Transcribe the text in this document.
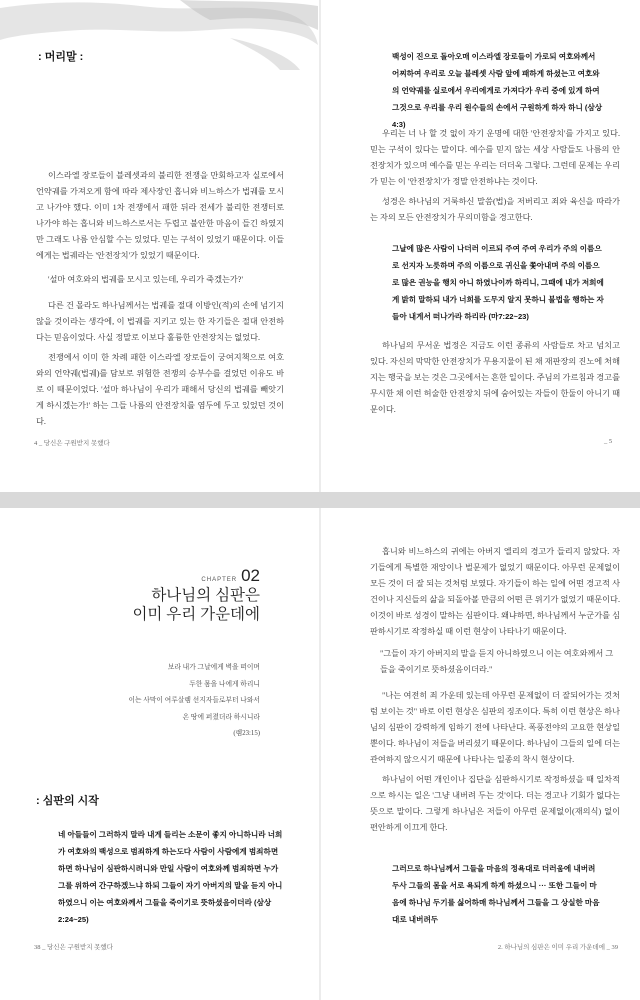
: 머리말 :

이스라엘 장로들이 블레셋과의 불리한 전쟁을 만회하고자 실로에서 언약궤를 가져오게 함에 따라 제사장인 홉니와 비느하스가 법궤를 모시고 나가야 했다. 이미 1차 전쟁에서 패한 뒤라 전세가 불리한 전쟁터로 나가야 하는 홉니와 비느하스로서는 두렵고 불안한 마음이 들긴 하였지만 그래도 나름 안심할 수는 있었다. 믿는 구석이 있었기 때문이다. 이들에게는 법궤라는 '안전장치'가 있었기 때문이다.

'설마 여호와의 법궤를 모시고 있는데, 우리가 죽겠는가?'

다른 건 몰라도 하나님께서는 법궤를 절대 이방인(적)의 손에 넘기지 않을 것이라는 생각에, 이 법궤를 지키고 있는 한 자기들은 절대 안전하다는 믿음이었다. 사실 정말로 이보다 훌륭한 안전장치는 없었다.

전쟁에서 이미 한 차례 패한 이스라엘 장로들이 궁여지책으로 여호와의 언약궤(법궤)를 담보로 위험한 전쟁의 승부수를 걸었던 이유도 바로 이 때문이었다. '설마 하나님이 우리가 패해서 당신의 법궤를 빼앗기게 하시겠는가!' 하는 그들 나름의 안전장치를 염두에 두고 있었던 것이다.

4 _ 당신은 구원받지 못했다

백성이 진으로 돌아오매 이스라엘 장로들이 가로되 여호와께서 어찌하여 우리로 오늘 블레셋 사람 앞에 패하게 하셨는고 여호와의 언약궤를 실로에서 우리에게로 가져다가 우리 중에 있게 하여 그것으로 우리를 우리 원수들의 손에서 구원하게 하자 하니 (삼상4:3)

우리는 너 나 할 것 없이 자기 운명에 대한 '안전장치'를 가지고 있다. 믿는 구석이 있다는 말이다. 예수를 믿지 않는 세상 사람들도 나름의 안전장치가 있으며 예수를 믿는 우리는 더더욱 그렇다. 그런데 문제는 우리가 믿는 이 '안전장치'가 정말 안전하냐는 것이다.

성경은 하나님의 거룩하신 말씀(법)을 저버리고 죄와 육신을 따라가는 자의 모든 안전장치가 무의미함을 경고한다.

그날에 많은 사람이 나더러 이르되 주여 주여 우리가 주의 이름으로 선지자 노릇하며 주의 이름으로 귀신을 쫓아내며 주의 이름으로 많은 권능을 행치 아니 하였나이까 하리니, 그때에 내가 저희에게 밝히 말하되 내가 너희를 도무지 알지 못하니 불법을 행하는 자들아 내게서 떠나가라 하리라 (마7:22~23)

하나님의 무서운 법정은 지금도 이런 종류의 사람들로 차고 넘치고 있다. 자신의 막막한 안전장치가 무용지물이 된 채 재판장의 진노에 처해지는 행국을 보는 것은 그곳에서는 흔한 일이다. 주님의 가르침과 경고를 무시한 채 이런 허술한 안전장치 뒤에 숨어있는 자들이 한둘이 아니기 때문이다.

_ 5
CHAPTER 02
하나님의 심판은
이미 우리 가운데에
보라 내가 그날에게 벽을 떠이며
두한 몸을 나에게 하리니
이는 사막이 여루살렘 선지자들로부터 나와서
온 땅에 퍼졌더라 하시니라
(렘23:15)
: 심판의 시작

네 아들들이 그러하지 말라 내게 들리는 소문이 좋지 아니하니라 너희가 여호와의 백성으로 범죄하게 하는도다 사람이 사람에게 범죄하면 하면 하나님이 심판하시려니와 만일 사람이 여호와께 범죄하면 누가 그를 위하여 간구하겠느냐 하되 그들이 자기 아버지의 말을 듣지 아니하였으니 이는 여호와께서 그들을 죽이기로 뜻하셨음이더라 (삼상 2:24~25)

38 _ 당신은 구원받지 못했다

홉니와 비느하스의 귀에는 아버지 엘리의 경고가 들리지 않았다. 자기들에게 특별한 재앙이나 벌문제가 없었기 때문이다. 아무런 문제없이 모든 것이 더 잘 되는 것처럼 보였다. 자기들이 하는 일에 어떤 경고적 사건이나 지신들의 삶을 되돌아볼 만큼의 어떤 큰 위기가 없었기 때문이다. 이것이 바로 성경이 말하는 심판이다. 왜냐하면, 하나님께서 누군가를 심판하시기로 작정하실 때 이런 현상이 나타나기 때문이다.

"그들이 자기 아버지의 말을 듣지 아니하였으니 이는 여호와께서 그들을 죽이기로 뜻하셨음이더라."

"나는 여전히 죄 가운데 있는데 아무런 문제없이 더 잘되어가는 것처럼 보이는 것" 바로 이런 현상은 심판의 징조이다. 특히 이런 현상은 하나님의 심판이 강력하게 임하기 전에 나타난다. 폭풍전야의 고요한 현상일 뿐이다. 하나님이 저들을 버리셨기 때문이다. 하나님이 그들의 일에 더는 관여하지 않으시기 때문에 나타나는 일종의 착시 현상이다.

하나님이 어떤 개인이나 집단을 심판하시기로 작정하셨을 때 일차적으로 하시는 일은 '그냥 내버려 두는 것'이다. 더는 경고나 기회가 없다는 뜻으로 말이다. 그렇게 하나님은 저들이 아무런 문제없이(재의식) 없이 편안하게 이끄게 한다.

그러므로 하나님께서 그들을 마음의 정욕대로 더러움에 내버려 두사 그들의 몸을 서로 욕되게 하게 하셨으니 ··· 또한 그들이 마음에 하나님 두기를 싫어하매 하나님께서 그들을 그 상실한 마음대로 내버려두

2. 하나님의 심판은 이미 우리 가운데에 _ 39
